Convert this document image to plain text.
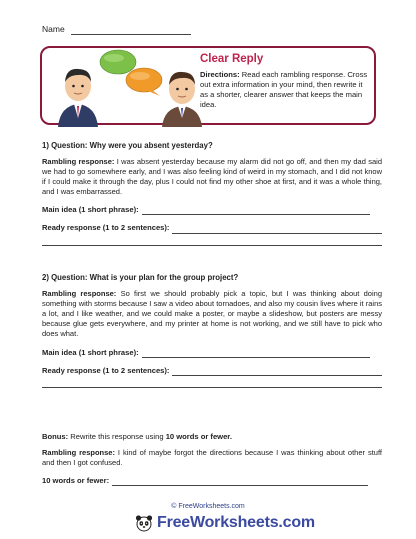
Name
Clear Reply
Directions: Read each rambling response. Cross out extra information in your mind, then rewrite it as a shorter, clearer answer that keeps the main idea.
1) Question: Why were you absent yesterday?
Rambling response: I was absent yesterday because my alarm did not go off, and then my dad said we had to go somewhere early, and I was also feeling kind of weird in my stomach, and I did not know if I could make it through the day, plus I could not find my other shoe at first, and it was a whole thing, and I was embarrassed.
Main idea (1 short phrase):
Ready response (1 to 2 sentences):
2) Question: What is your plan for the group project?
Rambling response: So first we should probably pick a topic, but I was thinking about doing something with storms because I saw a video about tornadoes, and also my cousin lives where it rains a lot, and I like weather, and we could make a poster, or maybe a slideshow, but posters are messy because glue gets everywhere, and my printer at home is not working, and we still have to pick who does what.
Main idea (1 short phrase):
Ready response (1 to 2 sentences):
Bonus: Rewrite this response using 10 words or fewer.
Rambling response: I kind of maybe forgot the directions because I was thinking about other stuff and then I got confused.
10 words or fewer:
© FreeWorksheets.com
FreeWorksheets.com
